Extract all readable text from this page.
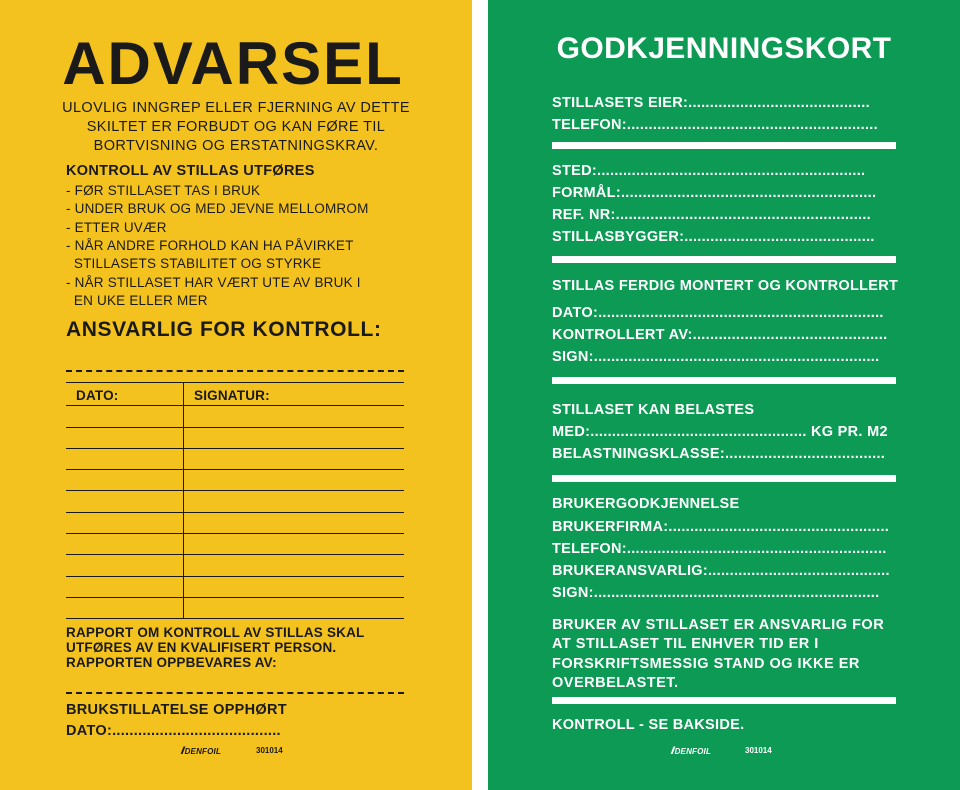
ADVARSEL
ULOVLIG INNGREP ELLER FJERNING AV DETTE
SKILTET ER FORBUDT OG KAN FØRE TIL
BORTVISNING OG ERSTATNINGSKRAV.
KONTROLL AV STILLAS UTFØRES
- FØR STILLASET TAS I BRUK
- UNDER BRUK OG MED JEVNE MELLOMROM
- ETTER UVÆR
- NÅR ANDRE FORHOLD KAN HA PÅVIRKET
STILLASETS STABILITET OG STYRKE
- NÅR STILLASET HAR VÆRT UTE AV BRUK I
EN UKE ELLER MER
ANSVARLIG FOR KONTROLL:
DATO:	SIGNATUR:

RAPPORT OM KONTROLL AV STILLAS SKAL
UTFØRES AV EN KVALIFISERT PERSON.
RAPPORTEN OPPBEVARES AV:
BRUKSTILLATELSE OPPHØRT
DATO:.......................................
// DENFOIL	301014
GODKJENNINGSKORT
STILLASETS EIER:..........................................
TELEFON:..........................................................
STED:..............................................................
FORMÅL:...........................................................
REF. NR:...........................................................
STILLASBYGGER:............................................
STILLAS FERDIG MONTERT OG KONTROLLERT
DATO:..................................................................
KONTROLLERT AV:.............................................
SIGN:..................................................................
STILLASET KAN BELASTES
MED:.................................................. KG PR. M2
BELASTNINGSKLASSE:.....................................
BRUKERGODKJENNELSE
BRUKERFIRMA:...................................................
TELEFON:............................................................
BRUKERANSVARLIG:..........................................
SIGN:..................................................................
BRUKER AV STILLASET ER ANSVARLIG FOR
AT STILLASET TIL ENHVER TID ER I
FORSKRIFTSMESSIG STAND OG IKKE ER
OVERBELASTET.
KONTROLL - SE BAKSIDE.
// DENFOIL	301014
